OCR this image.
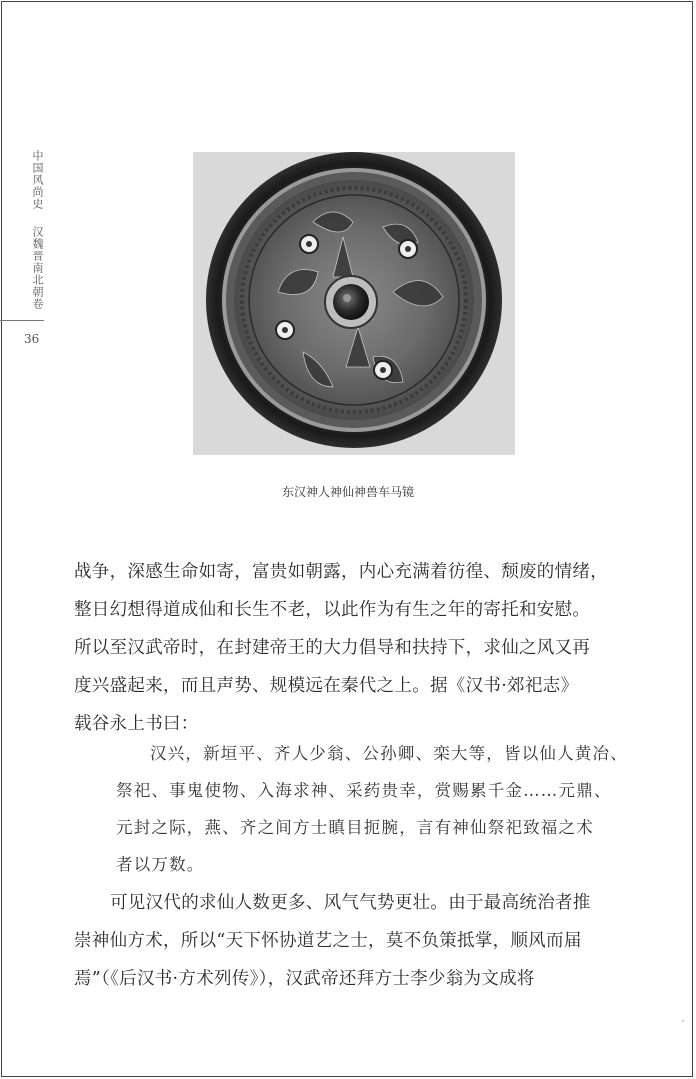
中国风尚史
汉魏晋南北朝卷
36
东汉神人神仙神兽车马镜
战争，深感生命如寄，富贵如朝露，内心充满着彷徨、颓废的情绪，
整日幻想得道成仙和长生不老，以此作为有生之年的寄托和安慰。
所以至汉武帝时，在封建帝王的大力倡导和扶持下，求仙之风又再
度兴盛起来，而且声势、规模远在秦代之上。据《汉书·郊祀志》
载谷永上书曰：
汉兴，新垣平、齐人少翁、公孙卿、栾大等，皆以仙人黄冶、
祭祀、事鬼使物、入海求神、采药贵幸，赏赐累千金……元鼎、
元封之际，燕、齐之间方士瞋目扼腕，言有神仙祭祀致福之术
者以万数。
可见汉代的求仙人数更多、风气气势更壮。由于最高统治者推
崇神仙方术，所以“天下怀协道艺之士，莫不负策抵掌，顺风而届
焉”（《后汉书·方术列传》），汉武帝还拜方士李少翁为文成将
